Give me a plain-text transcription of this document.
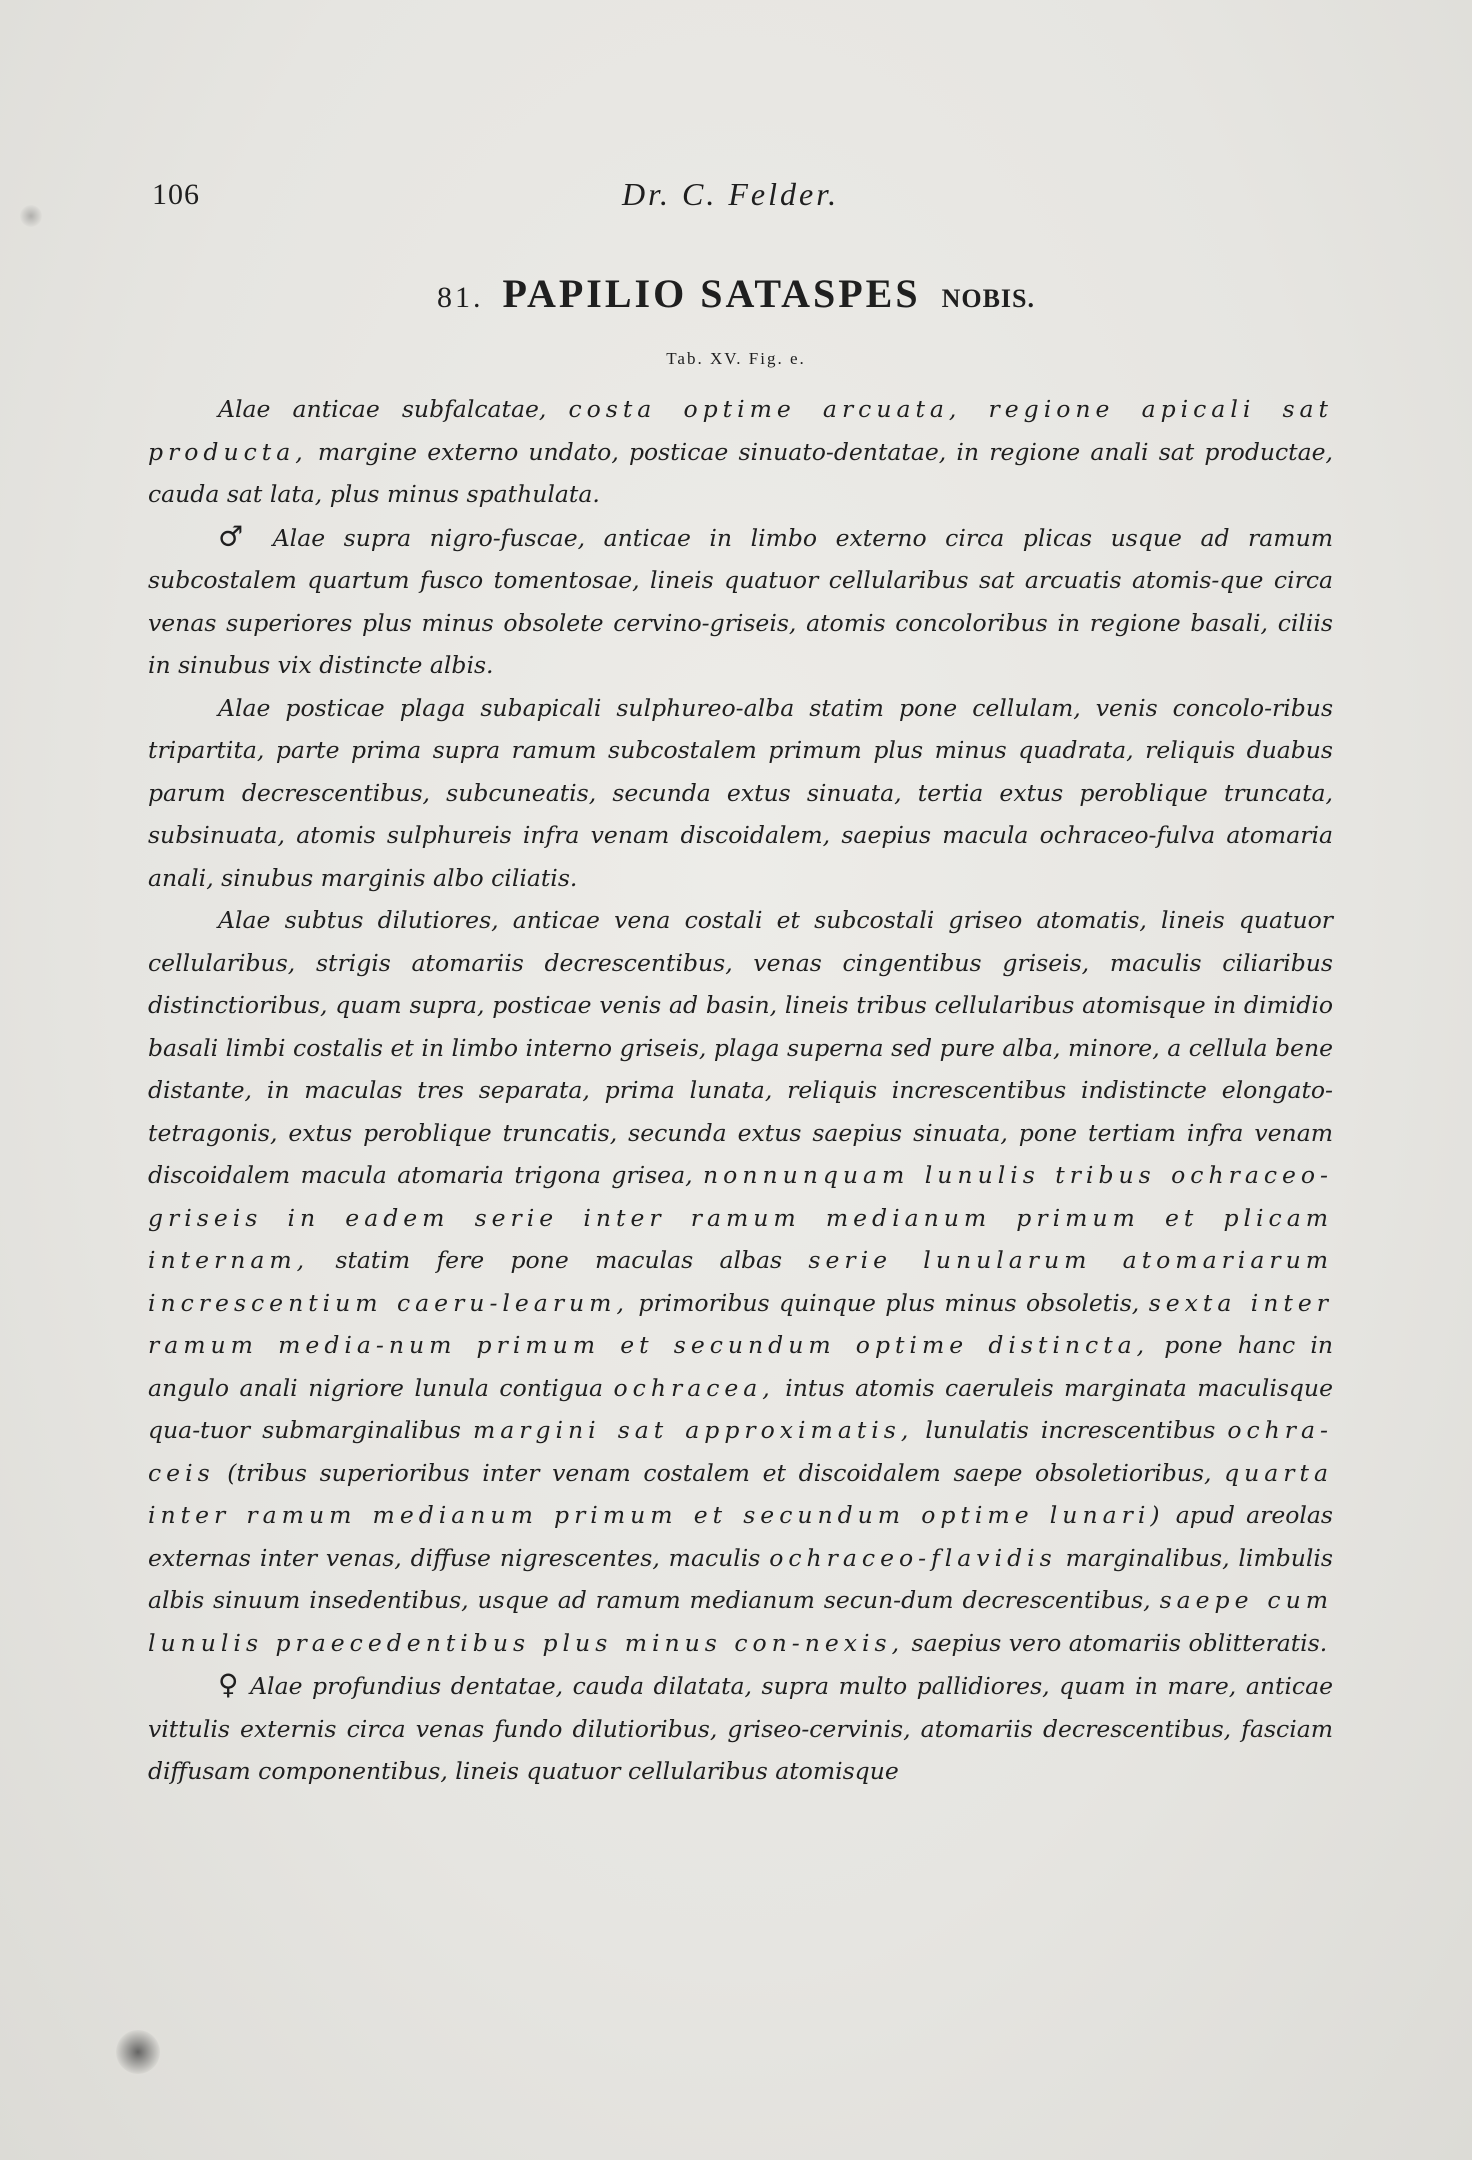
106	Dr. C. Felder.
81. PAPILIO SATASPES NOBIS.
Tab. XV. Fig. e.

Alae anticae subfalcatae, costa optime arcuata, regione apicali sat producta, margine externo undato, posticae sinuato-dentatae, in regione anali sat productae, cauda sat lata, plus minus spathulata.

♂ Alae supra nigro-fuscae, anticae in limbo externo circa plicas usque ad ramum subcostalem quartum fusco tomentosae, lineis quatuor cellularibus sat arcuatis atomis-que circa venas superiores plus minus obsolete cervino-griseis, atomis concoloribus in regione basali, ciliis in sinubus vix distincte albis.

Alae posticae plaga subapicali sulphureo-alba statim pone cellulam, venis concolo-ribus tripartita, parte prima supra ramum subcostalem primum plus minus quadrata, reliquis duabus parum decrescentibus, subcuneatis, secunda extus sinuata, tertia extus peroblique truncata, subsinuata, atomis sulphureis infra venam discoidalem, saepius macula ochraceo-fulva atomaria anali, sinubus marginis albo ciliatis.

Alae subtus dilutiores, anticae vena costali et subcostali griseo atomatis, lineis quatuor cellularibus, strigis atomariis decrescentibus, venas cingentibus griseis, maculis ciliaribus distinctioribus, quam supra, posticae venis ad basin, lineis tribus cellularibus atomisque in dimidio basali limbi costalis et in limbo interno griseis, plaga superna sed pure alba, minore, a cellula bene distante, in maculas tres separata, prima lunata, reliquis increscentibus indistincte elongato-tetragonis, extus peroblique truncatis, secunda extus saepius sinuata, pone tertiam infra venam discoidalem macula atomaria trigona grisea, nonnunquam lunulis tribus ochraceo-griseis in eadem serie inter ramum medianum primum et plicam internam, statim fere pone maculas albas serie lunularum atomariarum increscentium caeru-learum, primoribus quinque plus minus obsoletis, sexta inter ramum media-num primum et secundum optime distincta, pone hanc in angulo anali nigriore lunula contigua ochracea, intus atomis caeruleis marginata maculisque qua-tuor submarginalibus margini sat approximatis, lunulatis increscentibus ochra-ceis (tribus superioribus inter venam costalem et discoidalem saepe obsoletioribus, quarta inter ramum medianum primum et secundum optime lunari) apud areolas externas inter venas, diffuse nigrescentes, maculis ochraceo-flavidis marginalibus, limbulis albis sinuum insedentibus, usque ad ramum medianum secun-dum decrescentibus, saepe cum lunulis praecedentibus plus minus con-nexis, saepius vero atomariis oblitteratis.

♀ Alae profundius dentatae, cauda dilatata, supra multo pallidiores, quam in mare, anticae vittulis externis circa venas fundo dilutioribus, griseo-cervinis, atomariis decrescentibus, fasciam diffusam componentibus, lineis quatuor cellularibus atomisque
